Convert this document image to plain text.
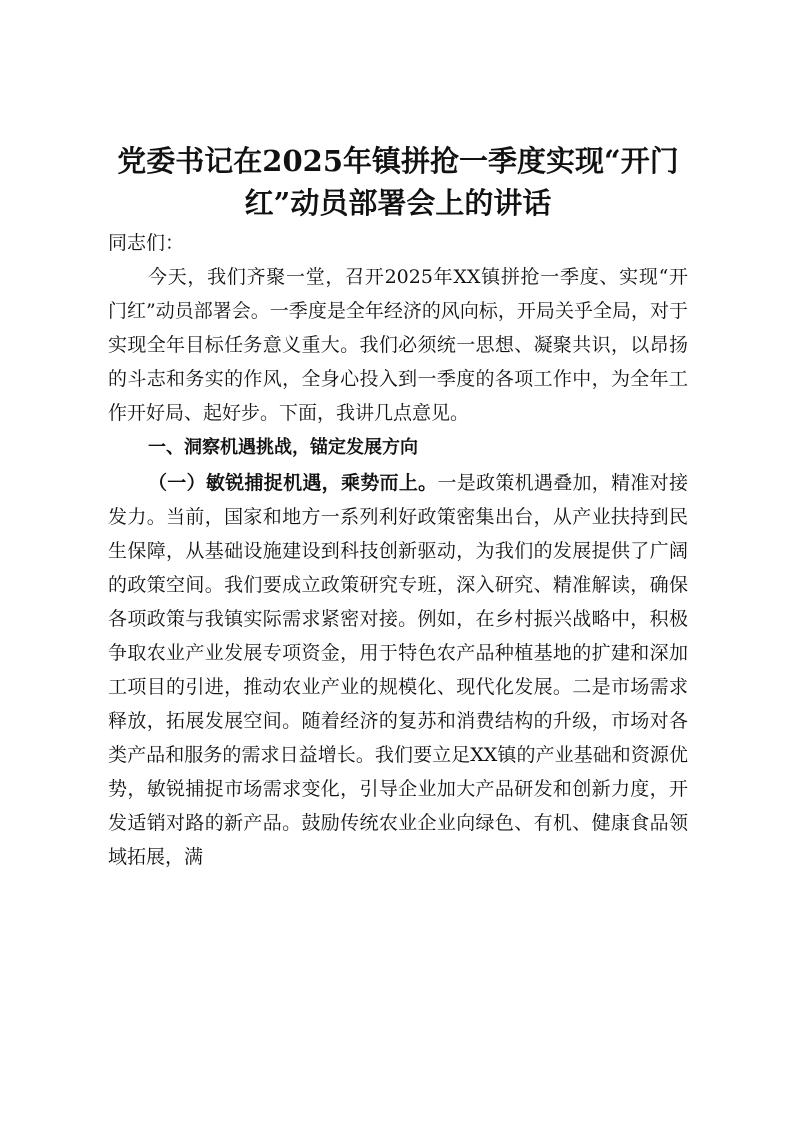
党委书记在2025年镇拼抢一季度实现“开门
红”动员部署会上的讲话

同志们：

今天，我们齐聚一堂，召开2025年XX镇拼抢一季度、实现“开门红”动员部署会。一季度是全年经济的风向标，开局关乎全局，对于实现全年目标任务意义重大。我们必须统一思想、凝聚共识，以昂扬的斗志和务实的作风，全身心投入到一季度的各项工作中，为全年工作开好局、起好步。下面，我讲几点意见。

一、洞察机遇挑战，锚定发展方向

（一）敏锐捕捉机遇，乘势而上。一是政策机遇叠加，精准对接发力。当前，国家和地方一系列利好政策密集出台，从产业扶持到民生保障，从基础设施建设到科技创新驱动，为我们的发展提供了广阔的政策空间。我们要成立政策研究专班，深入研究、精准解读，确保各项政策与我镇实际需求紧密对接。例如，在乡村振兴战略中，积极争取农业产业发展专项资金，用于特色农产品种植基地的扩建和深加工项目的引进，推动农业产业的规模化、现代化发展。二是市场需求释放，拓展发展空间。随着经济的复苏和消费结构的升级，市场对各类产品和服务的需求日益增长。我们要立足XX镇的产业基础和资源优势，敏锐捕捉市场需求变化，引导企业加大产品研发和创新力度，开发适销对路的新产品。鼓励传统农业企业向绿色、有机、健康食品领域拓展，满
